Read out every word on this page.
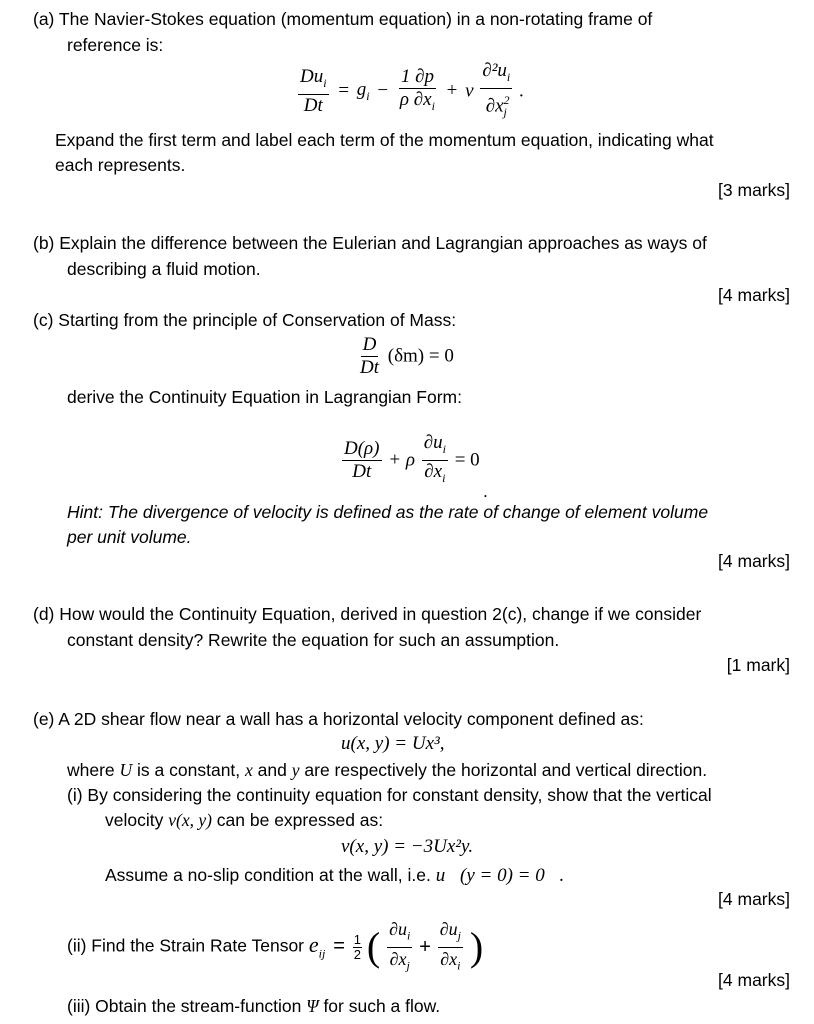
(a) The Navier-Stokes equation (momentum equation) in a non-rotating frame of
reference is:
$\frac{Du_i}{Dt} = g_i - \frac{1 \partial p}{\rho \partial x_i} + \nu \frac{\partial^2u_i}{\partial x^2_j}$ .
Expand the first term and label each term of the momentum equation, indicating what
each represents.
[3 marks]
(b) Explain the difference between the Eulerian and Lagrangian approaches as ways of
describing a fluid motion.
[4 marks]
(c) Starting from the principle of Conservation of Mass:
$\frac{D}{Dt} (\delta m) = 0$
derive the Continuity Equation in Lagrangian Form:
$\frac{D(\rho)}{Dt} + \rho \frac{\partial u_i}{\partial x_i} = 0$
.
Hint: The divergence of velocity is defined as the rate of change of element volume
per unit volume.
[4 marks]
(d) How would the Continuity Equation, derived in question 2(c), change if we consider
constant density? Rewrite the equation for such an assumption.
[1 mark]
(e) A 2D shear flow near a wall has a horizontal velocity component defined as:
u(x, y) = Ux³,
where U is a constant, x and y are respectively the horizontal and vertical direction.
(i) By considering the continuity equation for constant density, show that the vertical
velocity v(x, y) can be expressed as:
v(x, y) = −3Ux²y.
Assume a no-slip condition at the wall, i.e. u⃗(y = 0) = 0⃗.
[4 marks]
(ii) Find the Strain Rate Tensor $e_{ij} = \frac{1}{2}$ ( $\frac{\partial u_i}{\partial x_j} + \frac{\partial u_j}{\partial x_i}$ )
[4 marks]
(iii) Obtain the stream-function Ψ for such a flow.
